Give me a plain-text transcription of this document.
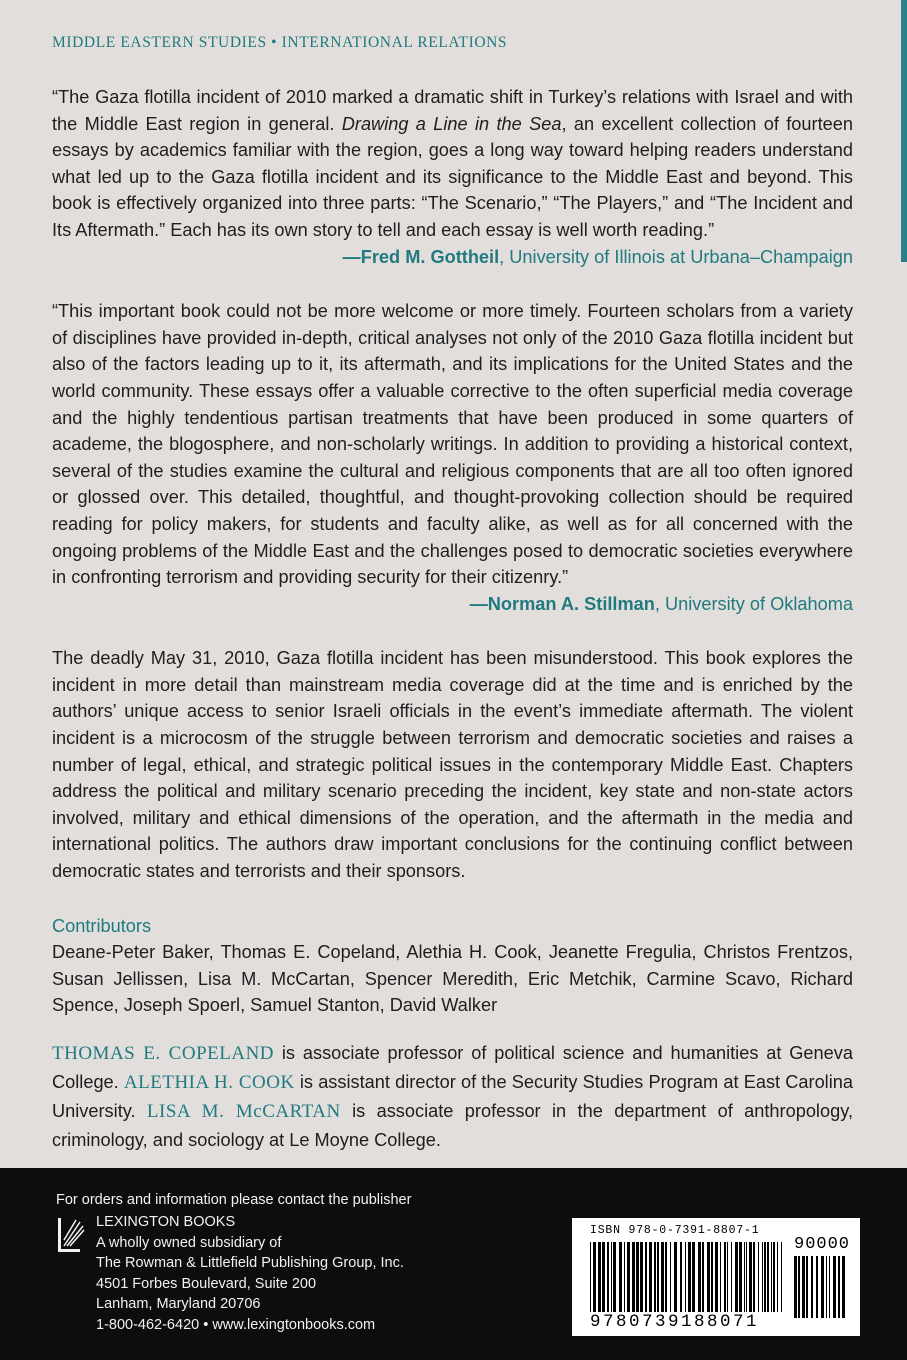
MIDDLE EASTERN STUDIES • INTERNATIONAL RELATIONS

“The Gaza flotilla incident of 2010 marked a dramatic shift in Turkey’s relations with Israel and with the Middle East region in general. Drawing a Line in the Sea, an excellent collection of fourteen essays by academics familiar with the region, goes a long way toward helping readers understand what led up to the Gaza flotilla incident and its significance to the Middle East and beyond. This book is effectively organized into three parts: “The Scenario,” “The Players,” and “The Incident and Its Aftermath.” Each has its own story to tell and each essay is well worth reading.”

—Fred M. Gottheil, University of Illinois at Urbana–Champaign

“This important book could not be more welcome or more timely. Fourteen scholars from a variety of disciplines have provided in-depth, critical analyses not only of the 2010 Gaza flotilla incident but also of the factors leading up to it, its aftermath, and its implications for the United States and the world community. These essays offer a valuable corrective to the often superficial media coverage and the highly tendentious partisan treatments that have been produced in some quarters of academe, the blogosphere, and non-scholarly writings. In addition to providing a historical context, several of the studies examine the cultural and religious components that are all too often ignored or glossed over. This detailed, thoughtful, and thought-provoking collection should be required reading for policy makers, for students and faculty alike, as well as for all concerned with the ongoing problems of the Middle East and the challenges posed to democratic societies everywhere in confronting terrorism and providing security for their citizenry.”

—Norman A. Stillman, University of Oklahoma

The deadly May 31, 2010, Gaza flotilla incident has been misunderstood. This book explores the incident in more detail than mainstream media coverage did at the time and is enriched by the authors’ unique access to senior Israeli officials in the event’s immediate aftermath. The violent incident is a microcosm of the struggle between terrorism and democratic societies and raises a number of legal, ethical, and strategic political issues in the contemporary Middle East. Chapters address the political and military scenario preceding the incident, key state and non-state actors involved, military and ethical dimensions of the operation, and the aftermath in the media and international politics. The authors draw important conclusions for the continuing conflict between democratic states and terrorists and their sponsors.

Contributors

Deane-Peter Baker, Thomas E. Copeland, Alethia H. Cook, Jeanette Fregulia, Christos Frentzos, Susan Jellissen, Lisa M. McCartan, Spencer Meredith, Eric Metchik, Carmine Scavo, Richard Spence, Joseph Spoerl, Samuel Stanton, David Walker

THOMAS E. COPELAND is associate professor of political science and humanities at Geneva College. ALETHIA H. COOK is assistant director of the Security Studies Program at East Carolina University. LISA M. McCARTAN is associate professor in the department of anthropology, criminology, and sociology at Le Moyne College.

For orders and information please contact the publisher
LEXINGTON BOOKS
A wholly owned subsidiary of
The Rowman & Littlefield Publishing Group, Inc.
4501 Forbes Boulevard, Suite 200
Lanham, Maryland 20706
1-800-462-6420 • www.lexingtonbooks.com
ISBN 978-0-7391-8807-1
90000
9780739188071
